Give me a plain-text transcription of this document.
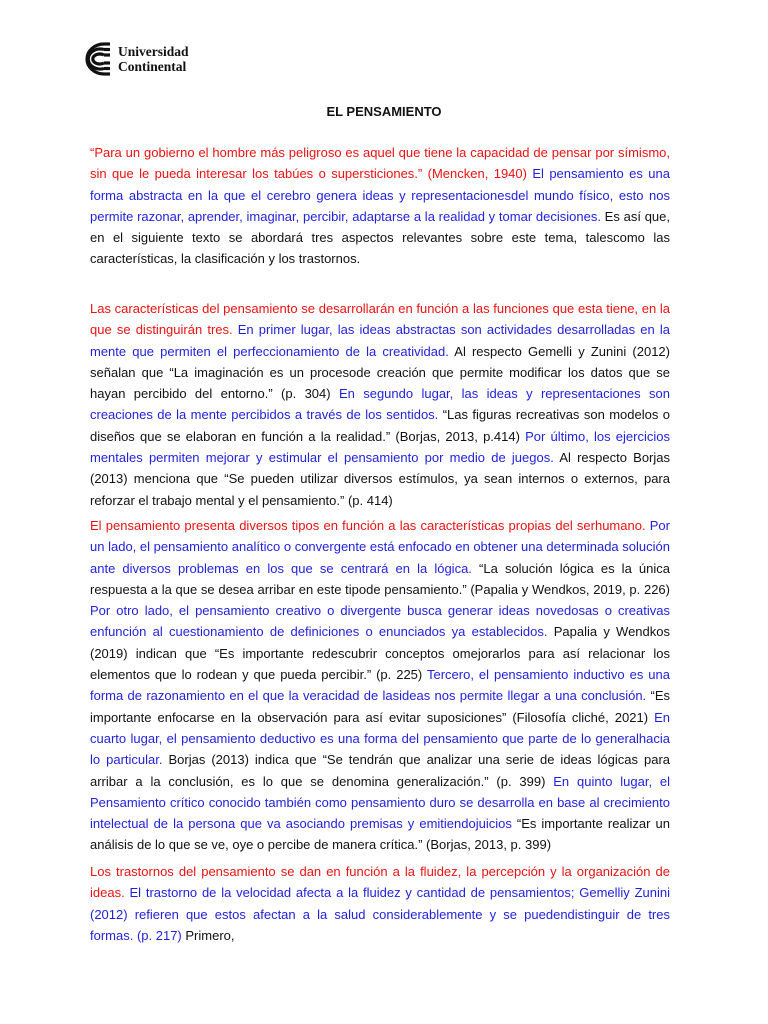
Universidad
Continental
EL PENSAMIENTO

“Para un gobierno el hombre más peligroso es aquel que tiene la capacidad de pensar por símismo, sin que le pueda interesar los tabúes o supersticiones.” (Mencken, 1940) El pensamiento es una forma abstracta en la que el cerebro genera ideas y representacionesdel mundo físico, esto nos permite razonar, aprender, imaginar, percibir, adaptarse a la realidad y tomar decisiones. Es así que, en el siguiente texto se abordará tres aspectos relevantes sobre este tema, talescomo las características, la clasificación y los trastornos.

Las características del pensamiento se desarrollarán en función a las funciones que esta tiene, en la que se distinguirán tres. En primer lugar, las ideas abstractas son actividades desarrolladas en la mente que permiten el perfeccionamiento de la creatividad. Al respecto Gemelli y Zunini (2012) señalan que “La imaginación es un procesode creación que permite modificar los datos que se hayan percibido del entorno.” (p. 304) En segundo lugar, las ideas y representaciones son creaciones de la mente percibidos a través de los sentidos. “Las figuras recreativas son modelos o diseños que se elaboran en función a la realidad.” (Borjas, 2013, p.414) Por último, los ejercicios mentales permiten mejorar y estimular el pensamiento por medio de juegos. Al respecto Borjas (2013) menciona que “Se pueden utilizar diversos estímulos, ya sean internos o externos, para reforzar el trabajo mental y el pensamiento.” (p. 414)

El pensamiento presenta diversos tipos en función a las características propias del serhumano. Por un lado, el pensamiento analítico o convergente está enfocado en obtener una determinada solución ante diversos problemas en los que se centrará en la lógica. “La solución lógica es la única respuesta a la que se desea arribar en este tipode pensamiento.” (Papalia y Wendkos, 2019, p. 226) Por otro lado, el pensamiento creativo o divergente busca generar ideas novedosas o creativas enfunción al cuestionamiento de definiciones o enunciados ya establecidos. Papalia y Wendkos (2019) indican que “Es importante redescubrir conceptos omejorarlos para así relacionar los elementos que lo rodean y que pueda percibir.” (p. 225) Tercero, el pensamiento inductivo es una forma de razonamiento en el que la veracidad de lasideas nos permite llegar a una conclusión. “Es importante enfocarse en la observación para así evitar suposiciones” (Filosofía cliché, 2021) En cuarto lugar, el pensamiento deductivo es una forma del pensamiento que parte de lo generalhacia lo particular. Borjas (2013) indica que “Se tendrán que analizar una serie de ideas lógicas para arribar a la conclusión, es lo que se denomina generalización.” (p. 399) En quinto lugar, el Pensamiento crítico conocido también como pensamiento duro se desarrolla en base al crecimiento intelectual de la persona que va asociando premisas y emitiendojuicios “Es importante realizar un análisis de lo que se ve, oye o percibe de manera crítica.” (Borjas, 2013, p. 399)

Los trastornos del pensamiento se dan en función a la fluidez, la percepción y la organización de ideas. El trastorno de la velocidad afecta a la fluidez y cantidad de pensamientos; Gemelliy Zunini (2012) refieren que estos afectan a la salud considerablemente y se puedendistinguir de tres formas. (p. 217) Primero,
